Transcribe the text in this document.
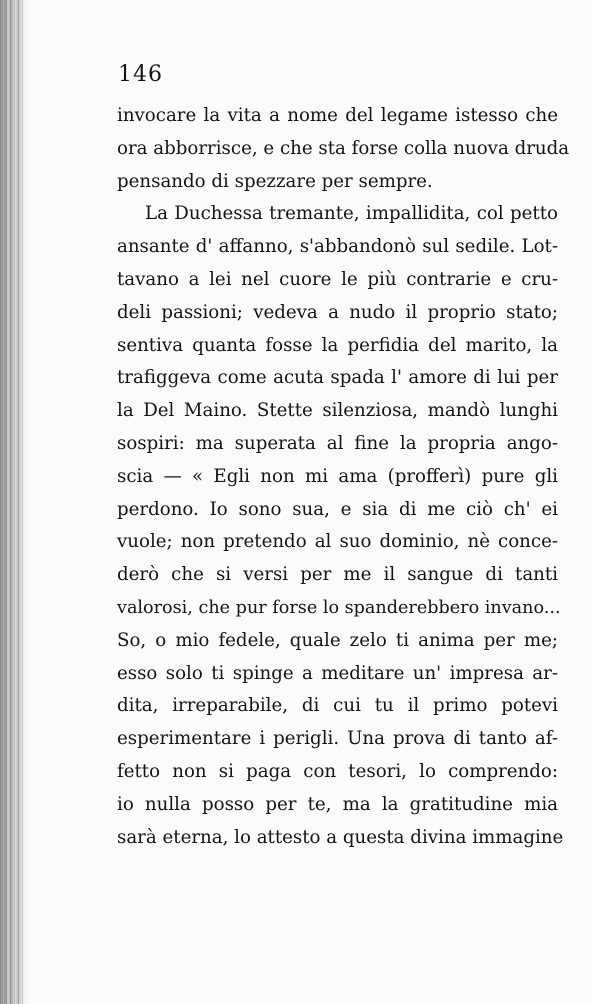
146
invocare la vita a nome del legame istesso che
ora abborrisce, e che sta forse colla nuova druda
pensando di spezzare per sempre.
La Duchessa tremante, impallidita, col petto
ansante d' affanno, s'abbandonò sul sedile. Lot-
tavano a lei nel cuore le più contrarie e cru-
deli passioni; vedeva a nudo il proprio stato;
sentiva quanta fosse la perfidia del marito, la
trafiggeva come acuta spada l' amore di lui per
la Del Maino. Stette silenziosa, mandò lunghi
sospiri: ma superata al fine la propria ango-
scia — « Egli non mi ama (profferì) pure gli
perdono. Io sono sua, e sia di me ciò ch' ei
vuole; non pretendo al suo dominio, nè conce-
derò che si versi per me il sangue di tanti
valorosi, che pur forse lo spanderebbero invano...
So, o mio fedele, quale zelo ti anima per me;
esso solo ti spinge a meditare un' impresa ar-
dita, irreparabile, di cui tu il primo potevi
esperimentare i perigli. Una prova di tanto af-
fetto non si paga con tesori, lo comprendo:
io nulla posso per te, ma la gratitudine mia
sarà eterna, lo attesto a questa divina immagine
